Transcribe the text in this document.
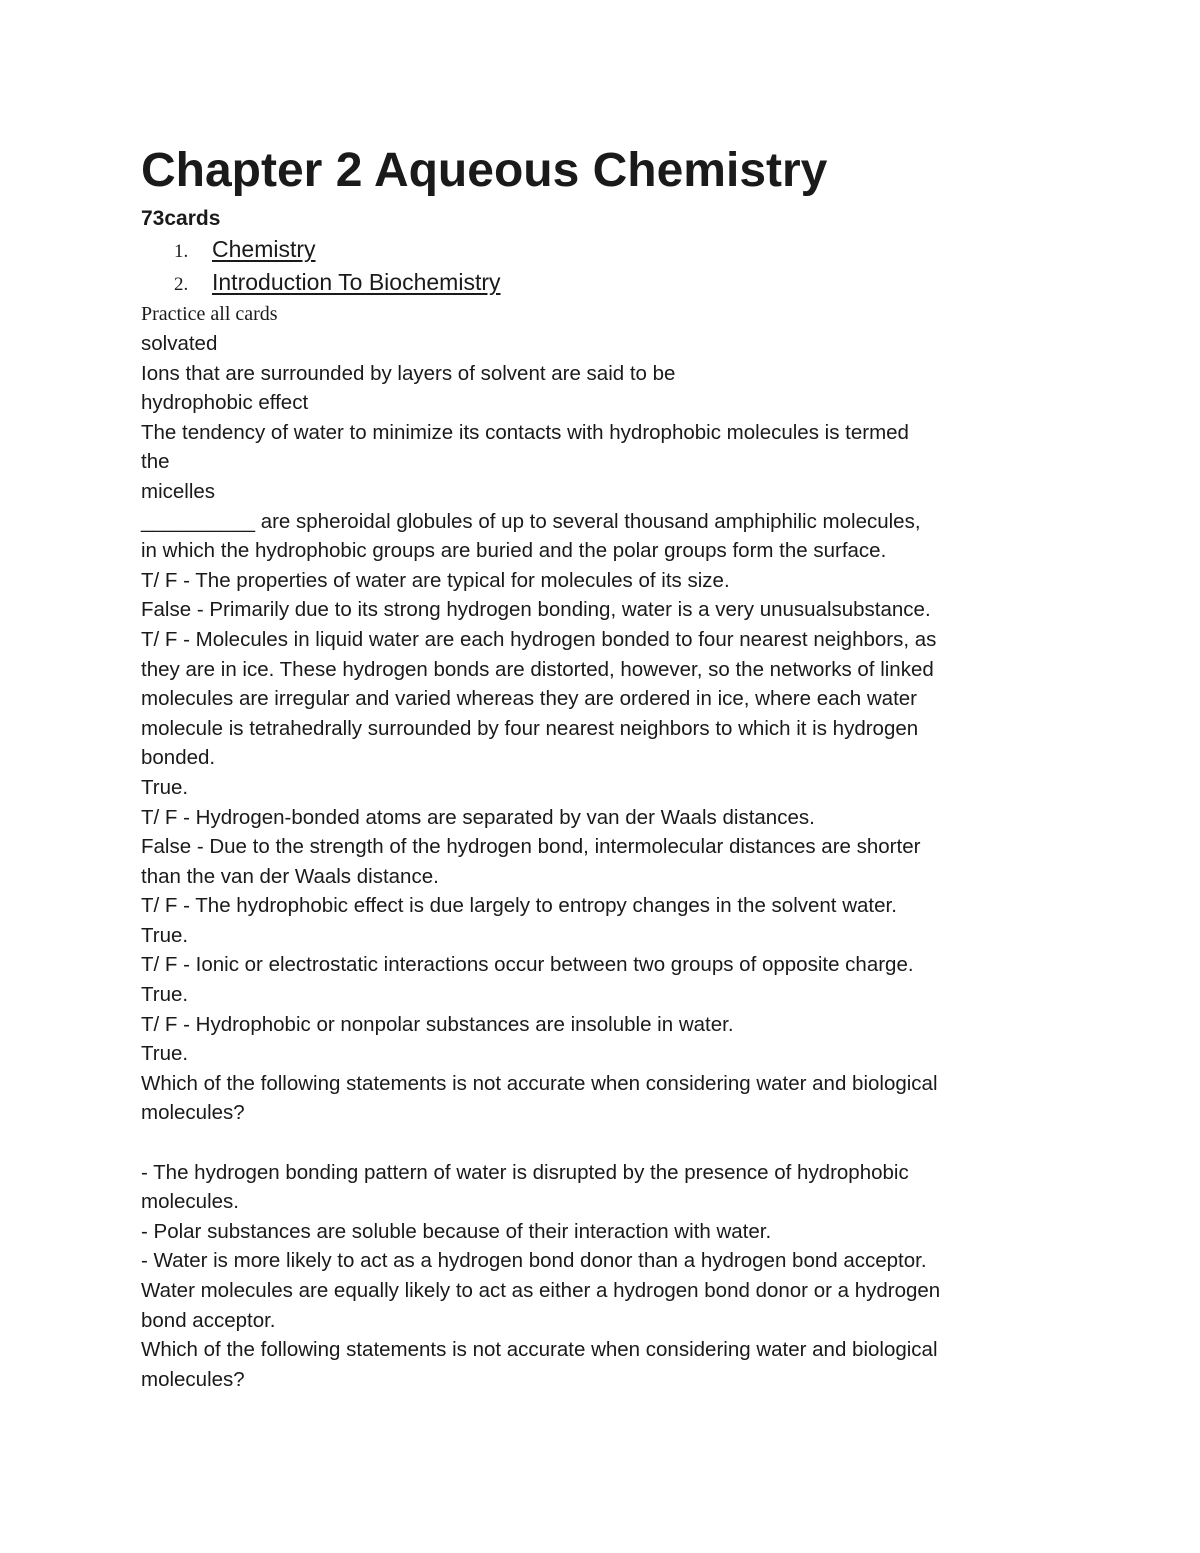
Chapter 2 Aqueous Chemistry

73cards

1.	Chemistry
2.	Introduction To Biochemistry

Practice all cards

solvated

Ions that are surrounded by layers of solvent are said to be

hydrophobic effect

The tendency of water to minimize its contacts with hydrophobic molecules is termed

the

micelles

__________ are spheroidal globules of up to several thousand amphiphilic molecules,

in which the hydrophobic groups are buried and the polar groups form the surface.

T/ F - The properties of water are typical for molecules of its size.

False - Primarily due to its strong hydrogen bonding, water is a very unusualsubstance.

T/ F - Molecules in liquid water are each hydrogen bonded to four nearest neighbors, as

they are in ice. These hydrogen bonds are distorted, however, so the networks of linked

molecules are irregular and varied whereas they are ordered in ice, where each water

molecule is tetrahedrally surrounded by four nearest neighbors to which it is hydrogen

bonded.

True.

T/ F - Hydrogen-bonded atoms are separated by van der Waals distances.

False - Due to the strength of the hydrogen bond, intermolecular distances are shorter

than the van der Waals distance.

T/ F - The hydrophobic effect is due largely to entropy changes in the solvent water.

True.

T/ F - Ionic or electrostatic interactions occur between two groups of opposite charge.

True.

T/ F - Hydrophobic or nonpolar substances are insoluble in water.

True.

Which of the following statements is not accurate when considering water and biological

molecules?

- The hydrogen bonding pattern of water is disrupted by the presence of hydrophobic

molecules.

- Polar substances are soluble because of their interaction with water.

- Water is more likely to act as a hydrogen bond donor than a hydrogen bond acceptor.

Water molecules are equally likely to act as either a hydrogen bond donor or a hydrogen

bond acceptor.

Which of the following statements is not accurate when considering water and biological

molecules?
